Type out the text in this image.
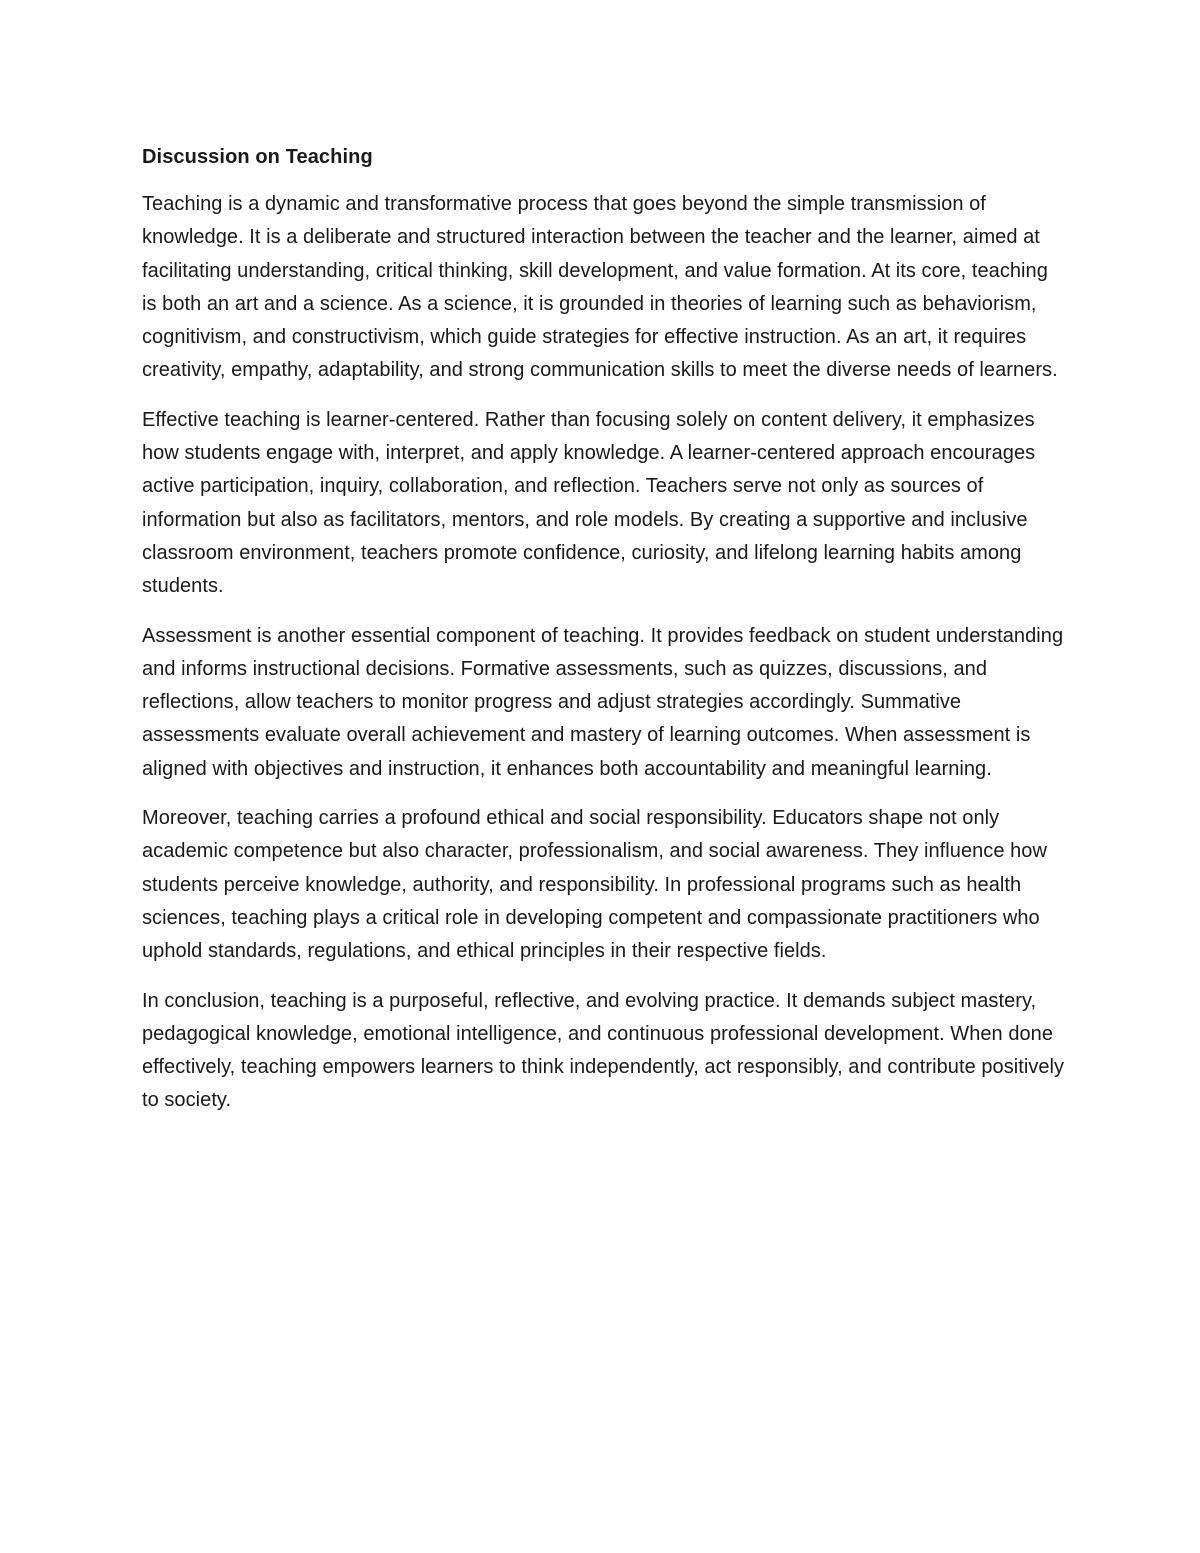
Discussion on Teaching

Teaching is a dynamic and transformative process that goes beyond the simple transmission of knowledge. It is a deliberate and structured interaction between the teacher and the learner, aimed at facilitating understanding, critical thinking, skill development, and value formation. At its core, teaching is both an art and a science. As a science, it is grounded in theories of learning such as behaviorism, cognitivism, and constructivism, which guide strategies for effective instruction. As an art, it requires creativity, empathy, adaptability, and strong communication skills to meet the diverse needs of learners.

Effective teaching is learner-centered. Rather than focusing solely on content delivery, it emphasizes how students engage with, interpret, and apply knowledge. A learner-centered approach encourages active participation, inquiry, collaboration, and reflection. Teachers serve not only as sources of information but also as facilitators, mentors, and role models. By creating a supportive and inclusive classroom environment, teachers promote confidence, curiosity, and lifelong learning habits among students.

Assessment is another essential component of teaching. It provides feedback on student understanding and informs instructional decisions. Formative assessments, such as quizzes, discussions, and reflections, allow teachers to monitor progress and adjust strategies accordingly. Summative assessments evaluate overall achievement and mastery of learning outcomes. When assessment is aligned with objectives and instruction, it enhances both accountability and meaningful learning.

Moreover, teaching carries a profound ethical and social responsibility. Educators shape not only academic competence but also character, professionalism, and social awareness. They influence how students perceive knowledge, authority, and responsibility. In professional programs such as health sciences, teaching plays a critical role in developing competent and compassionate practitioners who uphold standards, regulations, and ethical principles in their respective fields.

In conclusion, teaching is a purposeful, reflective, and evolving practice. It demands subject mastery, pedagogical knowledge, emotional intelligence, and continuous professional development. When done effectively, teaching empowers learners to think independently, act responsibly, and contribute positively to society.
